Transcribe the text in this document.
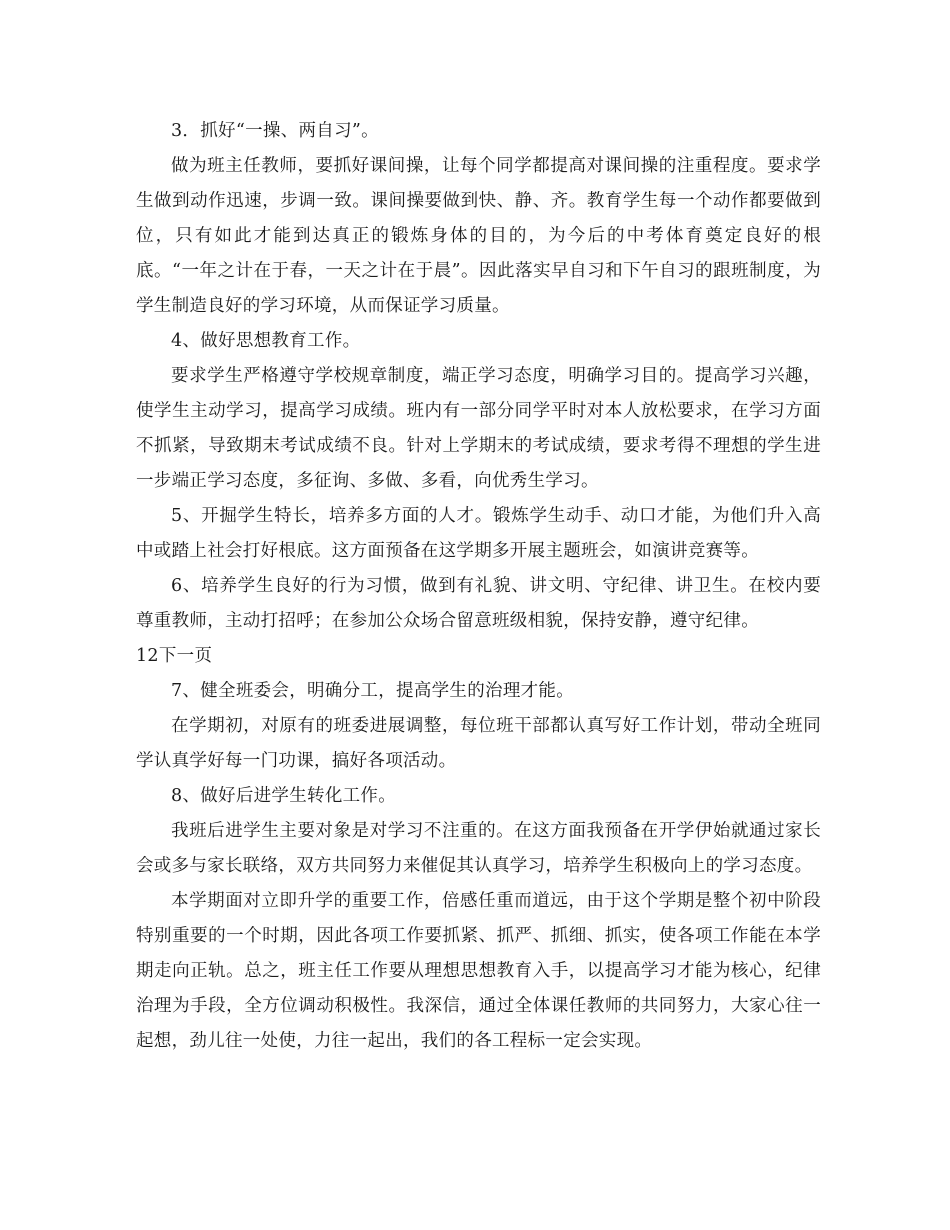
3．抓好“一操、两自习”。

做为班主任教师，要抓好课间操，让每个同学都提高对课间操的注重程度。要求学生做到动作迅速，步调一致。课间操要做到快、静、齐。教育学生每一个动作都要做到位，只有如此才能到达真正的锻炼身体的目的，为今后的中考体育奠定良好的根底。“一年之计在于春，一天之计在于晨”。因此落实早自习和下午自习的跟班制度，为学生制造良好的学习环境，从而保证学习质量。

4、做好思想教育工作。

要求学生严格遵守学校规章制度，端正学习态度，明确学习目的。提高学习兴趣，使学生主动学习，提高学习成绩。班内有一部分同学平时对本人放松要求，在学习方面不抓紧，导致期末考试成绩不良。针对上学期末的考试成绩，要求考得不理想的学生进一步端正学习态度，多征询、多做、多看，向优秀生学习。

5、开掘学生特长，培养多方面的人才。锻炼学生动手、动口才能，为他们升入高中或踏上社会打好根底。这方面预备在这学期多开展主题班会，如演讲竞赛等。

6、培养学生良好的行为习惯，做到有礼貌、讲文明、守纪律、讲卫生。在校内要尊重教师，主动打招呼；在参加公众场合留意班级相貌，保持安静，遵守纪律。

12下一页

7、健全班委会，明确分工，提高学生的治理才能。

在学期初，对原有的班委进展调整，每位班干部都认真写好工作计划，带动全班同学认真学好每一门功课，搞好各项活动。

8、做好后进学生转化工作。

我班后进学生主要对象是对学习不注重的。在这方面我预备在开学伊始就通过家长会或多与家长联络，双方共同努力来催促其认真学习，培养学生积极向上的学习态度。

本学期面对立即升学的重要工作，倍感任重而道远，由于这个学期是整个初中阶段特别重要的一个时期，因此各项工作要抓紧、抓严、抓细、抓实，使各项工作能在本学期走向正轨。总之，班主任工作要从理想思想教育入手，以提高学习才能为核心，纪律治理为手段，全方位调动积极性。我深信，通过全体课任教师的共同努力，大家心往一起想，劲儿往一处使，力往一起出，我们的各工程标一定会实现。
